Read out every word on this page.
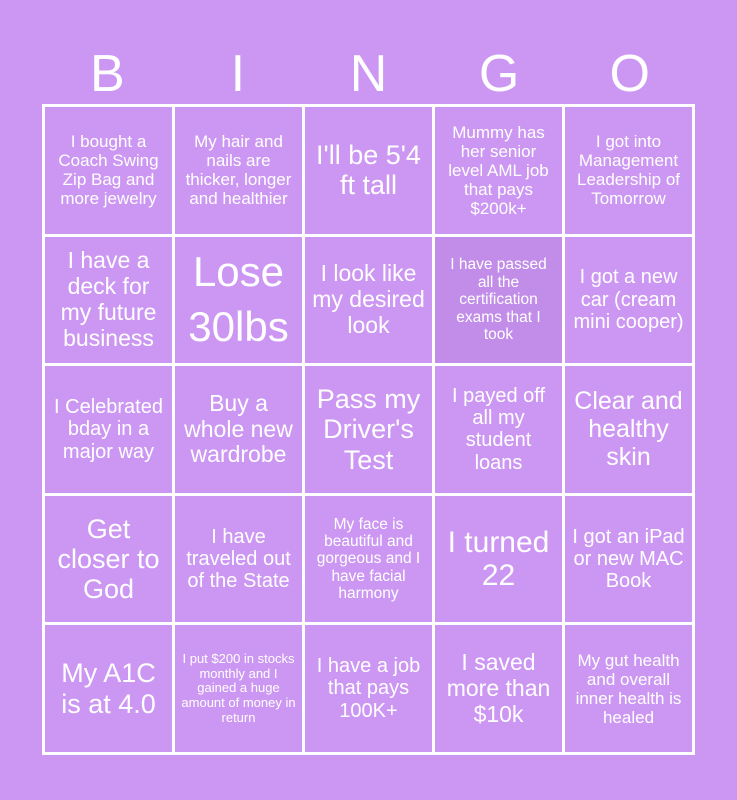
B	I	N	G	O
I bought a Coach Swing Zip Bag and more jewelry
My hair and nails are thicker, longer and healthier
I'll be 5'4 ft tall
Mummy has her senior level AML job that pays $200k+
I got into Management Leadership of Tomorrow
I have a deck for my future business
Lose 30lbs
I look like my desired look
I have passed all the certification exams that I took
I got a new car (cream mini cooper)
I Celebrated bday in a major way
Buy a whole new wardrobe
Pass my Driver's Test
I payed off all my student loans
Clear and healthy skin
Get closer to God
I have traveled out of the State
My face is beautiful and gorgeous and I have facial harmony
I turned 22
I got an iPad or new MAC Book
My A1C is at 4.0
I put $200 in stocks monthly and I gained a huge amount of money in return
I have a job that pays 100K+
I saved more than $10k
My gut health and overall inner health is healed
